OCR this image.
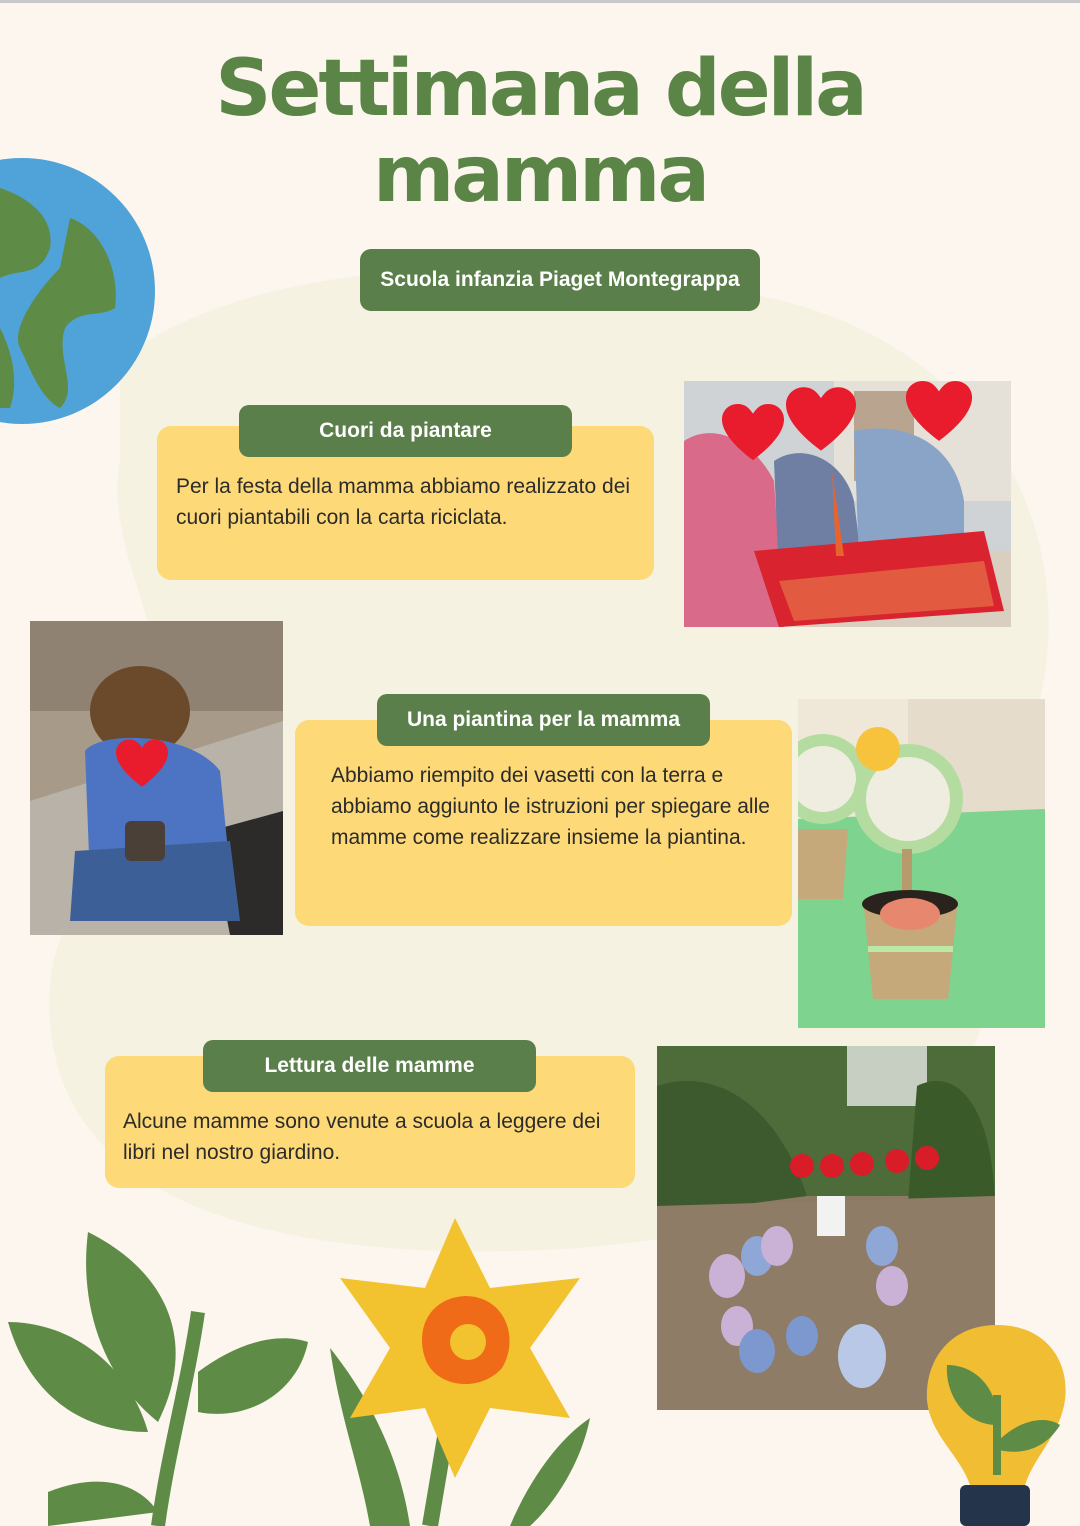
Settimana della
mamma
Scuola infanzia Piaget Montegrappa

Per la festa della mamma abbiamo realizzato dei cuori piantabili con la carta riciclata.

Cuori da piantare

Abbiamo riempito dei vasetti con la terra e abbiamo aggiunto le istruzioni per spiegare alle mamme come realizzare insieme la piantina.

Una piantina per la mamma

Alcune mamme sono venute a scuola a leggere dei libri nel nostro giardino.

Lettura delle mamme
